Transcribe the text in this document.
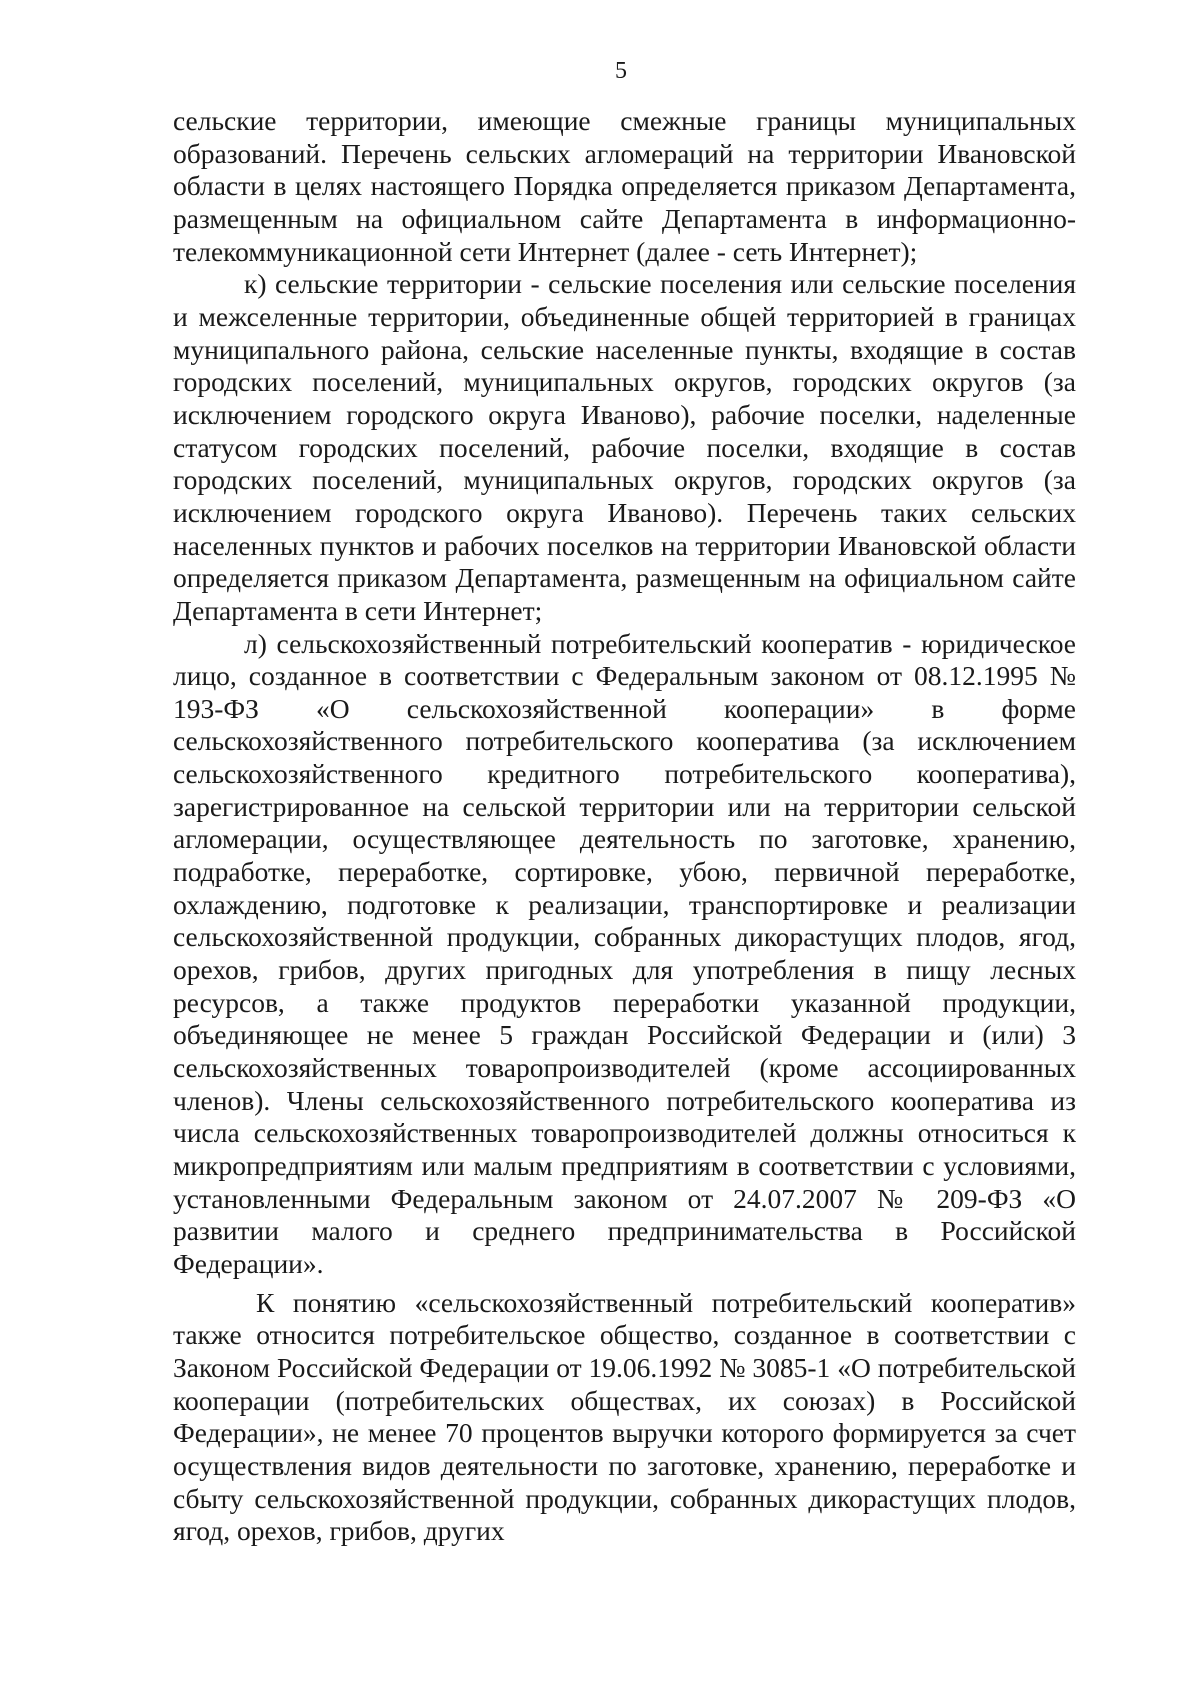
5

сельские территории, имеющие смежные границы муниципальных образований. Перечень сельских агломераций на территории Ивановской области в целях настоящего Порядка определяется приказом Департамента, размещенным на официальном сайте Департамента в информационно-телекоммуникационной сети Интернет (далее - сеть Интернет);

к) сельские территории - сельские поселения или сельские поселения и межселенные территории, объединенные общей территорией в границах муниципального района, сельские населенные пункты, входящие в состав городских поселений, муниципальных округов, городских округов (за исключением городского округа Иваново), рабочие поселки, наделенные статусом городских поселений, рабочие поселки, входящие в состав городских поселений, муниципальных округов, городских округов (за исключением городского округа Иваново). Перечень таких сельских населенных пунктов и рабочих поселков на территории Ивановской области определяется приказом Департамента, размещенным на официальном сайте Департамента в сети Интернет;

л) сельскохозяйственный потребительский кооператив - юридическое лицо, созданное в соответствии с Федеральным законом от 08.12.1995 № 193-ФЗ «О сельскохозяйственной кооперации» в форме сельскохозяйственного потребительского кооператива (за исключением сельскохозяйственного кредитного потребительского кооператива), зарегистрированное на сельской территории или на территории сельской агломерации, осуществляющее деятельность по заготовке, хранению, подработке, переработке, сортировке, убою, первичной переработке, охлаждению, подготовке к реализации, транспортировке и реализации сельскохозяйственной продукции, собранных дикорастущих плодов, ягод, орехов, грибов, других пригодных для употребления в пищу лесных ресурсов, а также продуктов переработки указанной продукции, объединяющее не менее 5 граждан Российской Федерации и (или) 3 сельскохозяйственных товаропроизводителей (кроме ассоциированных членов). Члены сельскохозяйственного потребительского кооператива из числа сельскохозяйственных товаропроизводителей должны относиться к микропредприятиям или малым предприятиям в соответствии с условиями, установленными Федеральным законом от 24.07.2007 № 209-ФЗ «О развитии малого и среднего предпринимательства в Российской Федерации».

К понятию «сельскохозяйственный потребительский кооператив» также относится потребительское общество, созданное в соответствии с Законом Российской Федерации от 19.06.1992 № 3085-1 «О потребительской кооперации (потребительских обществах, их союзах) в Российской Федерации», не менее 70 процентов выручки которого формируется за счет осуществления видов деятельности по заготовке, хранению, переработке и сбыту сельскохозяйственной продукции, собранных дикорастущих плодов, ягод, орехов, грибов, других
